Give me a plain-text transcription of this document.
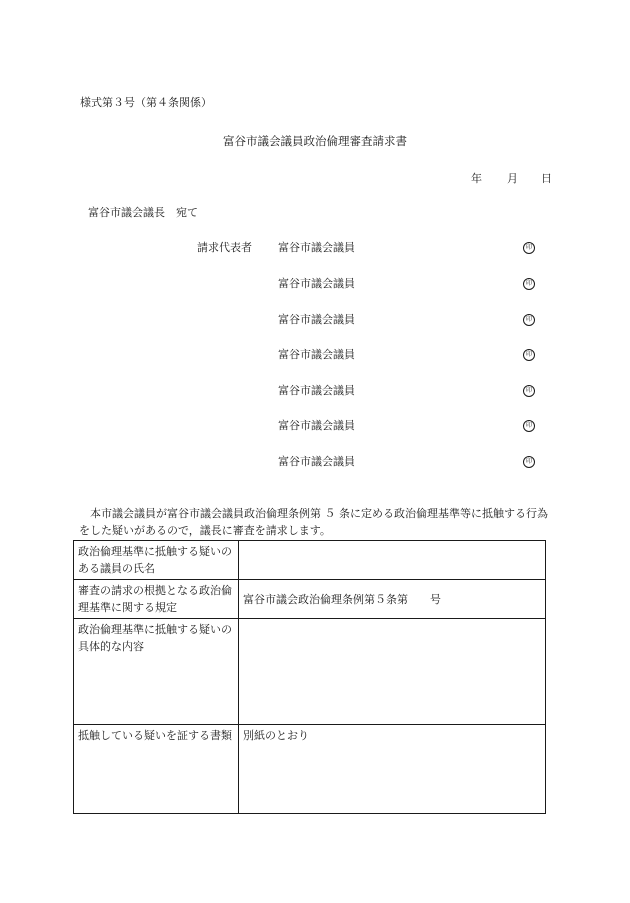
様式第３号（第４条関係）
富谷市議会議員政治倫理審査請求書
年 月 日
富谷市議会議長　宛て
請求代表者 富谷市議会議員	印
富谷市議会議員	印
富谷市議会議員	印
富谷市議会議員	印
富谷市議会議員	印
富谷市議会議員	印
富谷市議会議員	印
本市議会議員が富谷市議会議員政治倫理条例第 ５ 条に定める政治倫理基準等に抵触する行為をした疑いがあるので，議長に審査を請求します。
政治倫理基準に抵触する疑いのある議員の氏名	
審査の請求の根拠となる政治倫理基準に関する規定	富谷市議会政治倫理条例第５条第　　号
政治倫理基準に抵触する疑いの具体的な内容	
抵触している疑いを証する書類	別紙のとおり
